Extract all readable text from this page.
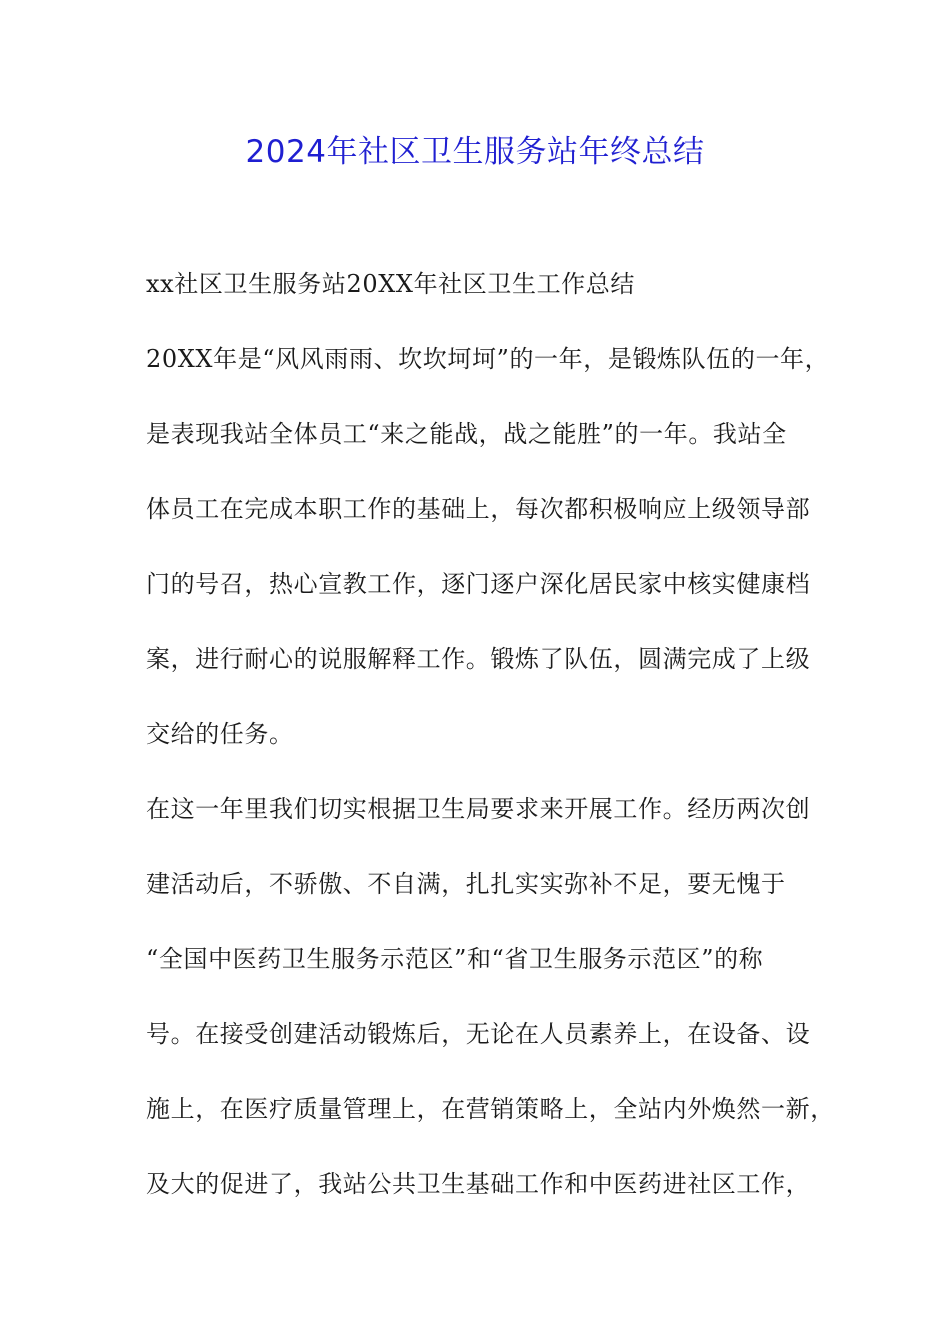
2024年社区卫生服务站年终总结
xx社区卫生服务站20XX年社区卫生工作总结
20XX年是“风风雨雨、坎坎坷坷”的一年，是锻炼队伍的一年，
是表现我站全体员工“来之能战，战之能胜”的一年。我站全
体员工在完成本职工作的基础上，每次都积极响应上级领导部
门的号召，热心宣教工作，逐门逐户深化居民家中核实健康档
案，进行耐心的说服解释工作。锻炼了队伍，圆满完成了上级
交给的任务。
在这一年里我们切实根据卫生局要求来开展工作。经历两次创
建活动后，不骄傲、不自满，扎扎实实弥补不足，要无愧于
“全国中医药卫生服务示范区”和“省卫生服务示范区”的称
号。在接受创建活动锻炼后，无论在人员素养上，在设备、设
施上，在医疗质量管理上，在营销策略上，全站内外焕然一新，
及大的促进了，我站公共卫生基础工作和中医药进社区工作，
